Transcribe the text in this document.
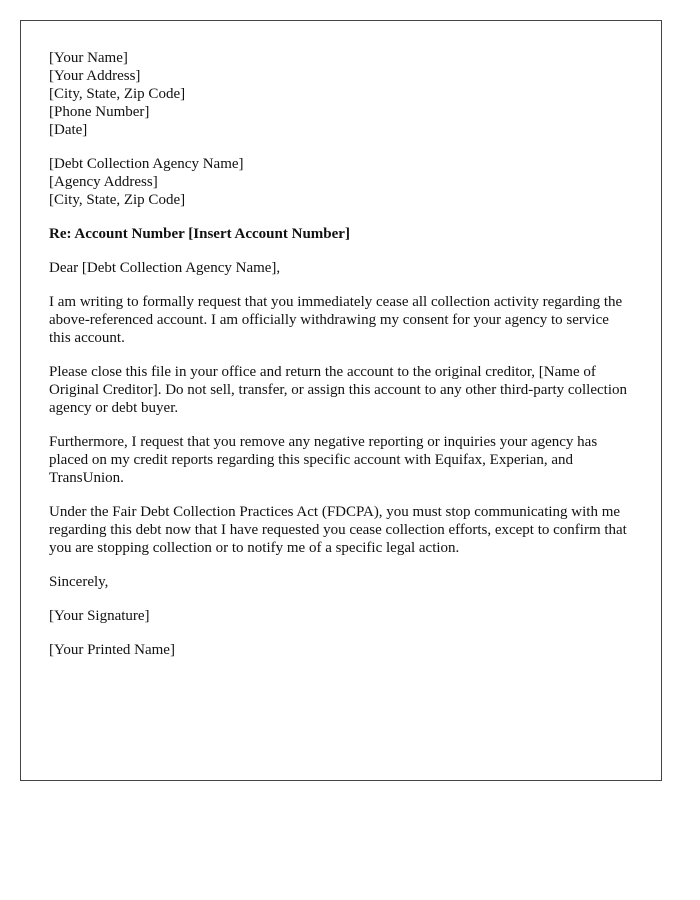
[Your Name]
[Your Address]
[City, State, Zip Code]
[Phone Number]
[Date]
[Debt Collection Agency Name]
[Agency Address]
[City, State, Zip Code]

Re: Account Number [Insert Account Number]

Dear [Debt Collection Agency Name],

I am writing to formally request that you immediately cease all collection activity regarding the above-referenced account. I am officially withdrawing my consent for your agency to service this account.

Please close this file in your office and return the account to the original creditor, [Name of Original Creditor]. Do not sell, transfer, or assign this account to any other third-party collection agency or debt buyer.

Furthermore, I request that you remove any negative reporting or inquiries your agency has placed on my credit reports regarding this specific account with Equifax, Experian, and TransUnion.

Under the Fair Debt Collection Practices Act (FDCPA), you must stop communicating with me regarding this debt now that I have requested you cease collection efforts, except to confirm that you are stopping collection or to notify me of a specific legal action.

Sincerely,

[Your Signature]

[Your Printed Name]
